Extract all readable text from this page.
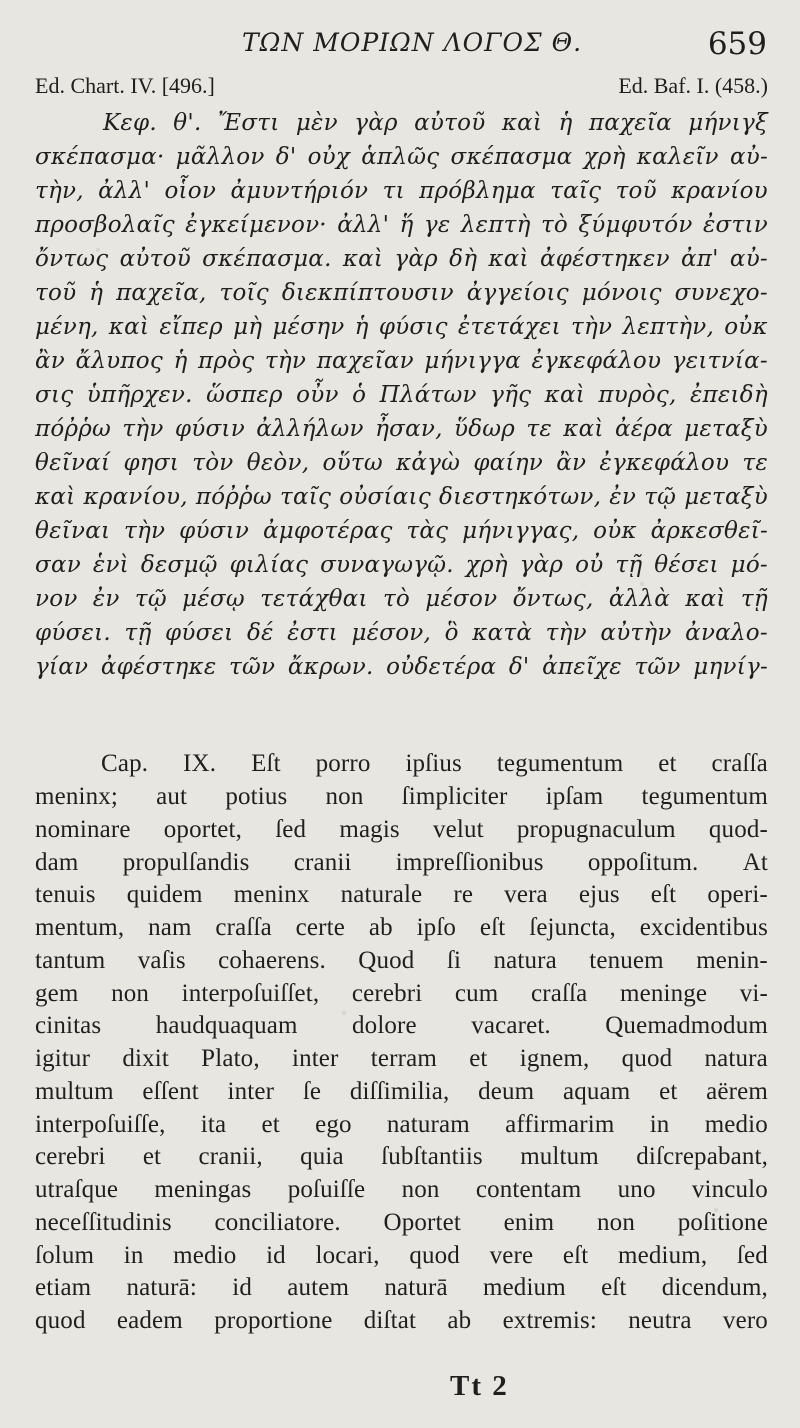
ΤΩΝ ΜΟΡΙΩΝ ΛΟΓΟΣ Θ.	659
Ed. Chart. IV. [496.]	Ed. Baf. I. (458.)
Κεφ. θ'. Ἔστι μὲν γὰρ αὐτοῦ καὶ ἡ παχεῖα μήνιγξ
σκέπασμα· μᾶλλον δ' οὐχ ἁπλῶς σκέπασμα χρὴ καλεῖν αὐ-
τὴν, ἀλλ' οἷον ἀμυντήριόν τι πρόβλημα ταῖς τοῦ κρανίου
προσβολαῖς ἐγκείμενον· ἀλλ' ἥ γε λεπτὴ τὸ ξύμφυτόν ἐστιν
ὄντως αὐτοῦ σκέπασμα. καὶ γὰρ δὴ καὶ ἀφέστηκεν ἀπ' αὐ-
τοῦ ἡ παχεῖα, τοῖς διεκπίπτουσιν ἀγγείοις μόνοις συνεχο-
μένη, καὶ εἴπερ μὴ μέσην ἡ φύσις ἐτετάχει τὴν λεπτὴν, οὐκ
ἂν ἄλυπος ἡ πρὸς τὴν παχεῖαν μήνιγγα ἐγκεφάλου γειτνία-
σις ὑπῆρχεν. ὥσπερ οὖν ὁ Πλάτων γῆς καὶ πυρὸς, ἐπειδὴ
πόῤῥω τὴν φύσιν ἀλλήλων ἦσαν, ὕδωρ τε καὶ ἀέρα μεταξὺ
θεῖναί φησι τὸν θεὸν, οὕτω κἀγὼ φαίην ἂν ἐγκεφάλου τε
καὶ κρανίου, πόῤῥω ταῖς οὐσίαις διεστηκότων, ἐν τῷ μεταξὺ
θεῖναι τὴν φύσιν ἀμφοτέρας τὰς μήνιγγας, οὐκ ἀρκεσθεῖ-
σαν ἑνὶ δεσμῷ φιλίας συναγωγῷ. χρὴ γὰρ οὐ τῇ θέσει μό-
νον ἐν τῷ μέσῳ τετάχθαι τὸ μέσον ὄντως, ἀλλὰ καὶ τῇ
φύσει. τῇ φύσει δέ ἐστι μέσον, ὃ κατὰ τὴν αὐτὴν ἀναλο-
γίαν ἀφέστηκε τῶν ἄκρων. οὐδετέρα δ' ἀπεῖχε τῶν μηνίγ-
Cap. IX. Eſt porro ipſius tegumentum et craſſa
meninx; aut potius non ſimpliciter ipſam tegumentum
nominare oportet, ſed magis velut propugnaculum quod-
dam propulſandis cranii impreſſionibus oppoſitum. At
tenuis quidem meninx naturale re vera ejus eſt operi-
mentum, nam craſſa certe ab ipſo eſt ſejuncta, excidentibus
tantum vaſis cohaerens. Quod ſi natura tenuem menin-
gem non interpoſuiſſet, cerebri cum craſſa meninge vi-
cinitas haudquaquam dolore vacaret. Quemadmodum
igitur dixit Plato, inter terram et ignem, quod natura
multum eſſent inter ſe diſſimilia, deum aquam et aërem
interpoſuiſſe, ita et ego naturam affirmarim in medio
cerebri et cranii, quia ſubſtantiis multum diſcrepabant,
utraſque meningas poſuiſſe non contentam uno vinculo
neceſſitudinis conciliatore. Oportet enim non poſitione
ſolum in medio id locari, quod vere eſt medium, ſed
etiam naturā: id autem naturā medium eſt dicendum,
quod eadem proportione diſtat ab extremis: neutra vero
Tt 2
